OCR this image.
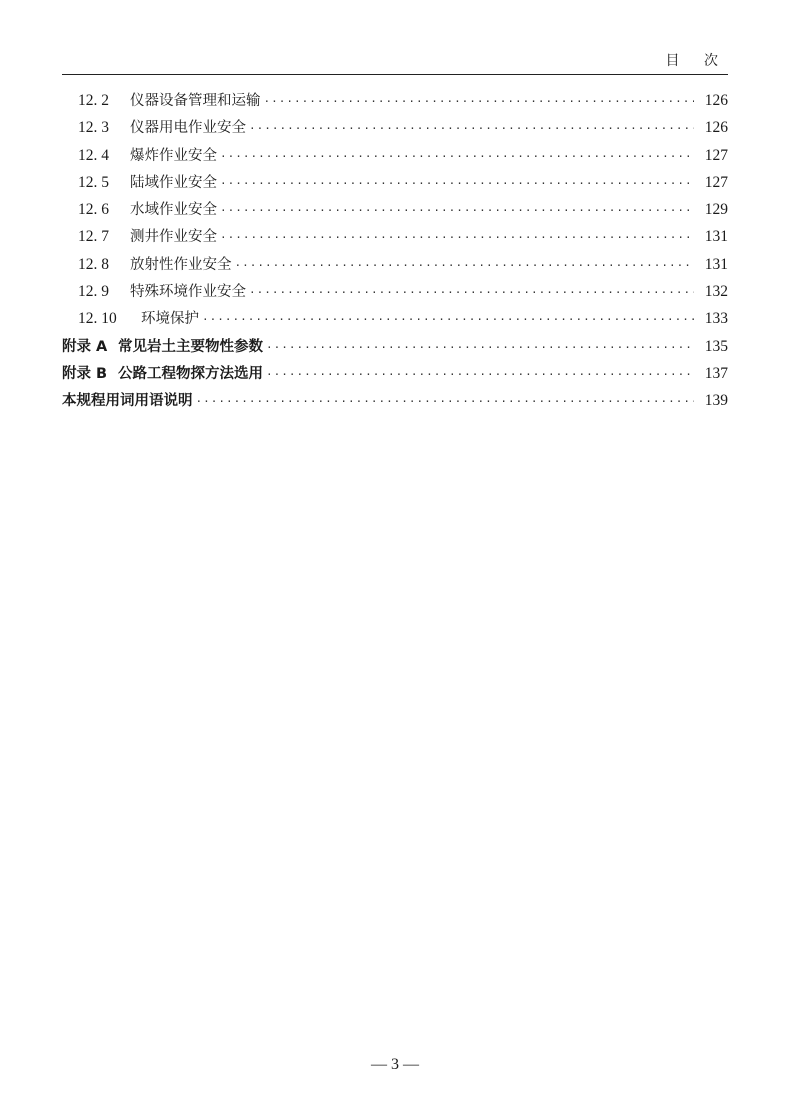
目 次
12. 2	仪器设备管理和运输 ·····	126
12. 3	仪器用电作业安全 ·····	126
12. 4	爆炸作业安全 ·····	127
12. 5	陆域作业安全 ·····	127
12. 6	水域作业安全 ·····	129
12. 7	测井作业安全 ·····	131
12. 8	放射性作业安全 ·····	131
12. 9	特殊环境作业安全 ·····	132
12. 10	环境保护 ·····	133
附录 A 常见岩土主要物性参数 ·····	135
附录 B 公路工程物探方法选用 ·····	137
本规程用词用语说明 ·····	139
— 3 —
